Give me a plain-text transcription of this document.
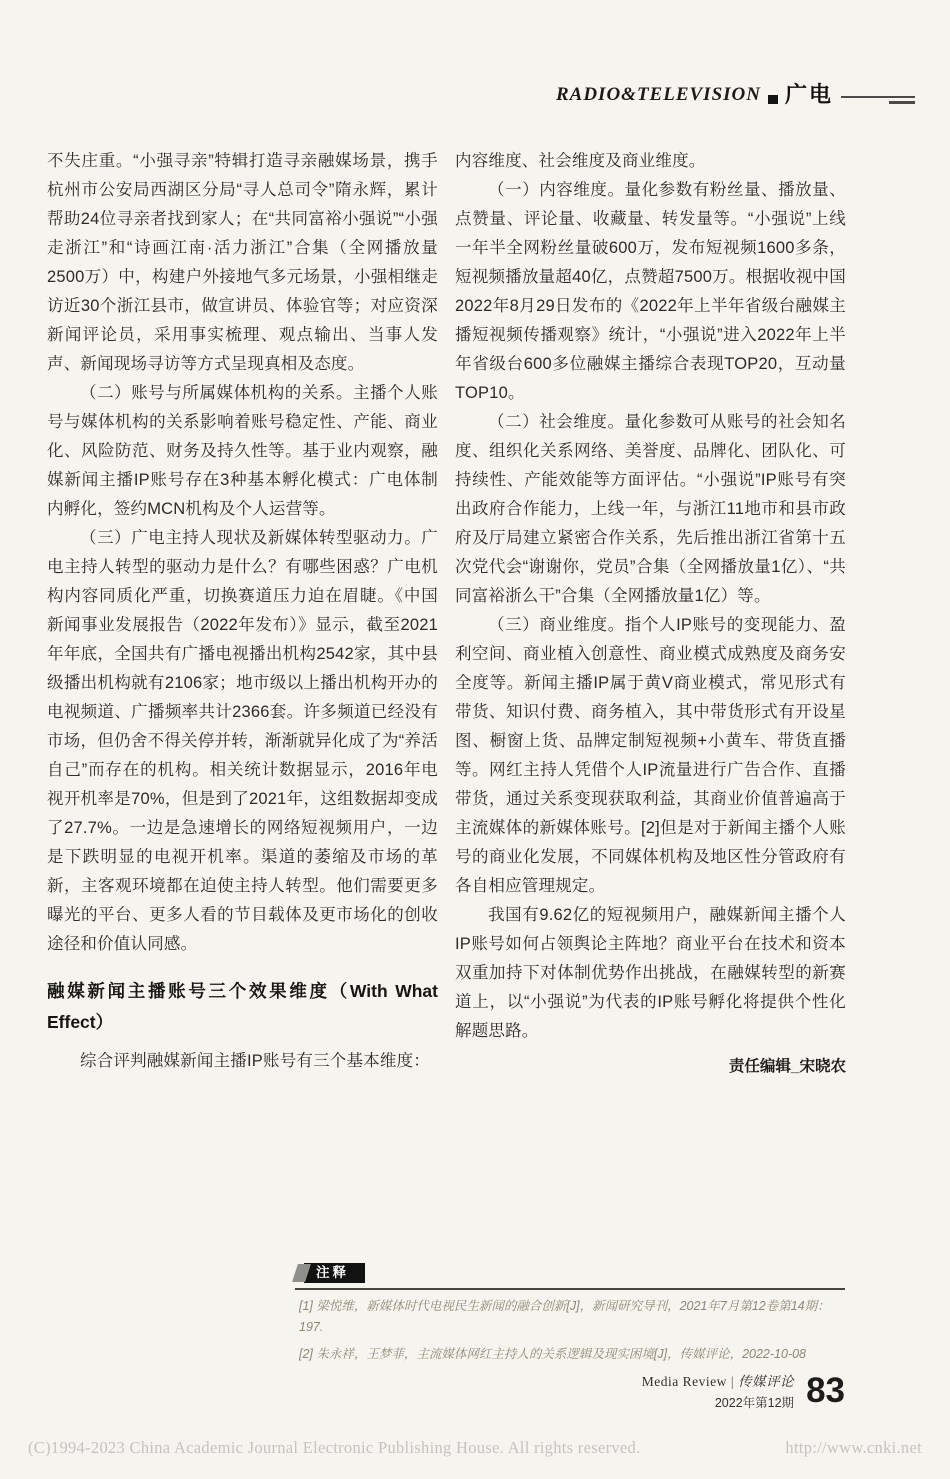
RADIO&TELEVISION 广电

不失庄重。“小强寻亲”特辑打造寻亲融媒场景，携手杭州市公安局西湖区分局“寻人总司令”隋永辉，累计帮助24位寻亲者找到家人；在“共同富裕小强说”“小强走浙江”和“诗画江南·活力浙江”合集（全网播放量2500万）中，构建户外接地气多元场景，小强相继走访近30个浙江县市，做宣讲员、体验官等；对应资深新闻评论员，采用事实梳理、观点输出、当事人发声、新闻现场寻访等方式呈现真相及态度。

（二）账号与所属媒体机构的关系。主播个人账号与媒体机构的关系影响着账号稳定性、产能、商业化、风险防范、财务及持久性等。基于业内观察，融媒新闻主播IP账号存在3种基本孵化模式：广电体制内孵化，签约MCN机构及个人运营等。

（三）广电主持人现状及新媒体转型驱动力。广电主持人转型的驱动力是什么？有哪些困惑？广电机构内容同质化严重，切换赛道压力迫在眉睫。《中国新闻事业发展报告（2022年发布）》显示，截至2021年年底，全国共有广播电视播出机构2542家，其中县级播出机构就有2106家；地市级以上播出机构开办的电视频道、广播频率共计2366套。许多频道已经没有市场，但仍舍不得关停并转，渐渐就异化成了为“养活自己”而存在的机构。相关统计数据显示，2016年电视开机率是70%，但是到了2021年，这组数据却变成了27.7%。一边是急速增长的网络短视频用户，一边是下跌明显的电视开机率。渠道的萎缩及市场的革新，主客观环境都在迫使主持人转型。他们需要更多曝光的平台、更多人看的节目载体及更市场化的创收途径和价值认同感。

融媒新闻主播账号三个效果维度（With What Effect）

综合评判融媒新闻主播IP账号有三个基本维度：

内容维度、社会维度及商业维度。

（一）内容维度。量化参数有粉丝量、播放量、点赞量、评论量、收藏量、转发量等。“小强说”上线一年半全网粉丝量破600万，发布短视频1600多条，短视频播放量超40亿，点赞超7500万。根据收视中国2022年8月29日发布的《2022年上半年省级台融媒主播短视频传播观察》统计，“小强说”进入2022年上半年省级台600多位融媒主播综合表现TOP20，互动量TOP10。

（二）社会维度。量化参数可从账号的社会知名度、组织化关系网络、美誉度、品牌化、团队化、可持续性、产能效能等方面评估。“小强说”IP账号有突出政府合作能力，上线一年，与浙江11地市和县市政府及厅局建立紧密合作关系，先后推出浙江省第十五次党代会“谢谢你，党员”合集（全网播放量1亿）、“共同富裕浙么干”合集（全网播放量1亿）等。

（三）商业维度。指个人IP账号的变现能力、盈利空间、商业植入创意性、商业模式成熟度及商务安全度等。新闻主播IP属于黄V商业模式，常见形式有带货、知识付费、商务植入，其中带货形式有开设星图、橱窗上货、品牌定制短视频+小黄车、带货直播等。网红主持人凭借个人IP流量进行广告合作、直播带货，通过关系变现获取利益，其商业价值普遍高于主流媒体的新媒体账号。[2]但是对于新闻主播个人账号的商业化发展，不同媒体机构及地区性分管政府有各自相应管理规定。

我国有9.62亿的短视频用户，融媒新闻主播个人IP账号如何占领舆论主阵地？商业平台在技术和资本双重加持下对体制优势作出挑战，在融媒转型的新赛道上，以“小强说”为代表的IP账号孵化将提供个性化解题思路。

责任编辑_宋晓农

注释

[1] 梁悦维，新媒体时代电视民生新闻的融合创新[J]，新闻研究导刊，2021年7月第12卷第14期：197.

[2] 朱永祥，王梦菲，主流媒体网红主持人的关系逻辑及现实困境[J]，传媒评论，2022-10-08

Media Review | 传媒评论
2022年第12期 83
(C)1994-2023 China Academic Journal Electronic Publishing House. All rights reserved.	http://www.cnki.net
